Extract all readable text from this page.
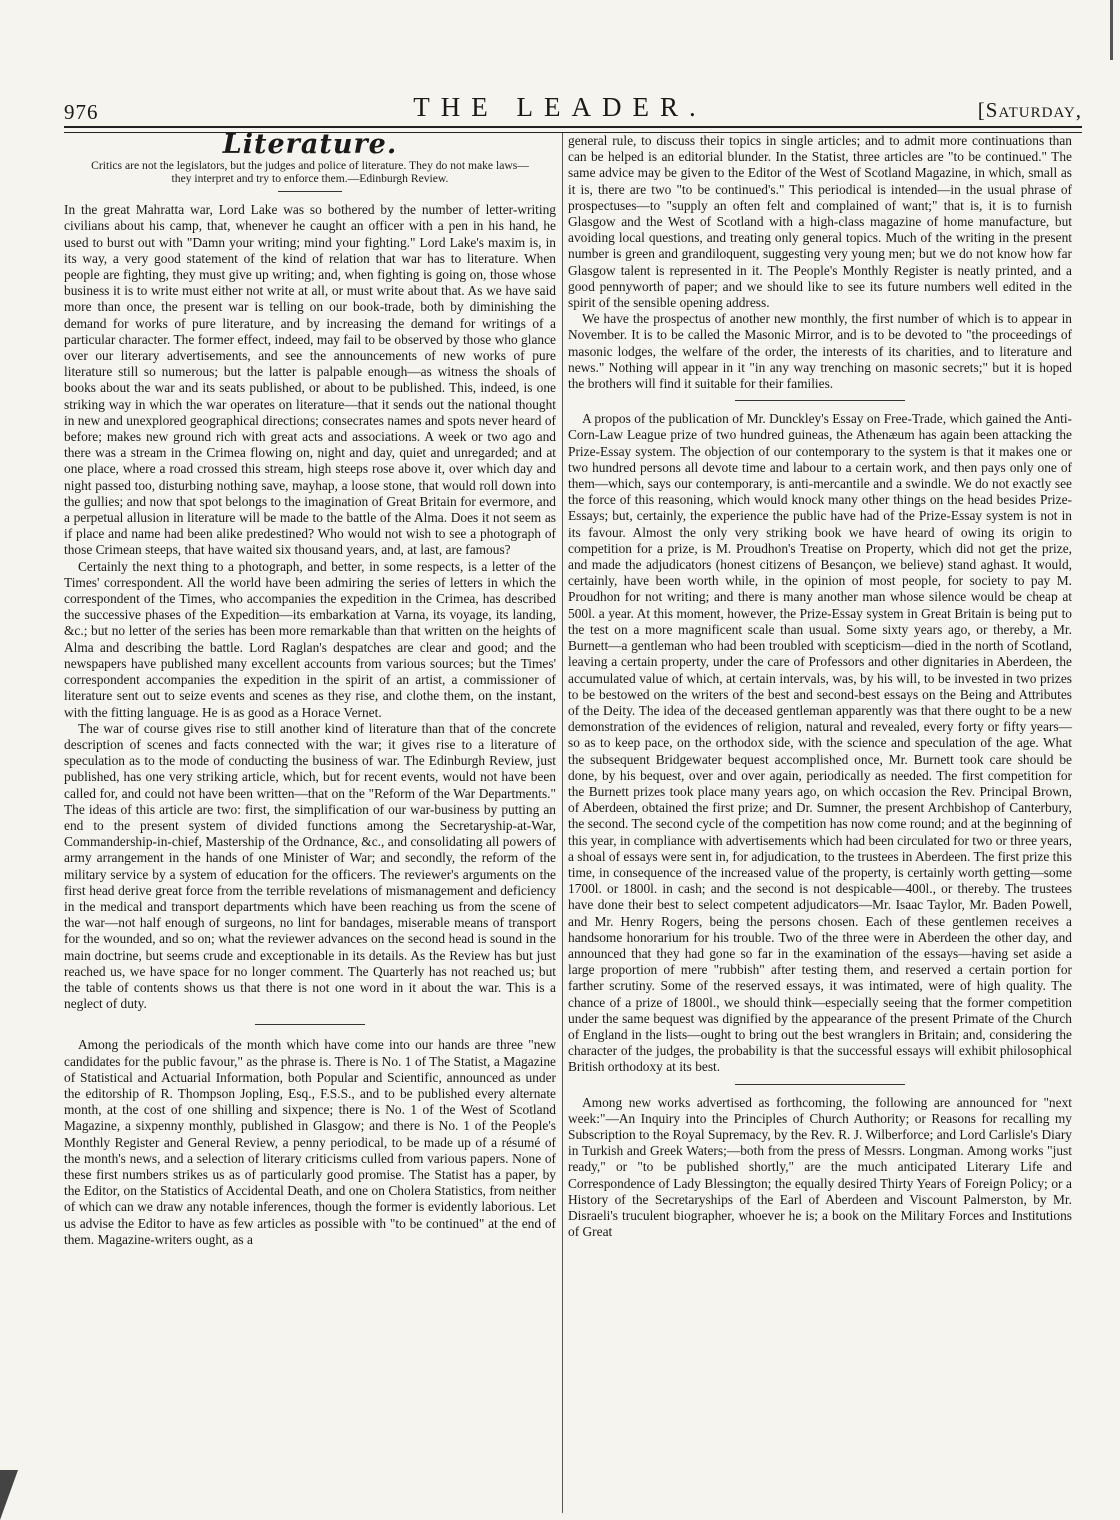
976	THE LEADER.	[Saturday,
Literature.
Critics are not the legislators, but the judges and police of literature. They do not make laws—they interpret and try to enforce them.—Edinburgh Review.

In the great Mahratta war, Lord Lake was so bothered by the number of letter-writing civilians about his camp, that, whenever he caught an officer with a pen in his hand, he used to burst out with "Damn your writing; mind your fighting." Lord Lake's maxim is, in its way, a very good statement of the kind of relation that war has to literature. When people are fighting, they must give up writing; and, when fighting is going on, those whose business it is to write must either not write at all, or must write about that. As we have said more than once, the present war is telling on our book-trade, both by diminishing the demand for works of pure literature, and by increasing the demand for writings of a particular character. The former effect, indeed, may fail to be observed by those who glance over our literary advertisements, and see the announcements of new works of pure literature still so numerous; but the latter is palpable enough—as witness the shoals of books about the war and its seats published, or about to be published. This, indeed, is one striking way in which the war operates on literature—that it sends out the national thought in new and unexplored geographical directions; consecrates names and spots never heard of before; makes new ground rich with great acts and associations. A week or two ago and there was a stream in the Crimea flowing on, night and day, quiet and unregarded; and at one place, where a road crossed this stream, high steeps rose above it, over which day and night passed too, disturbing nothing save, mayhap, a loose stone, that would roll down into the gullies; and now that spot belongs to the imagination of Great Britain for evermore, and a perpetual allusion in literature will be made to the battle of the Alma. Does it not seem as if place and name had been alike predestined? Who would not wish to see a photograph of those Crimean steeps, that have waited six thousand years, and, at last, are famous?

Certainly the next thing to a photograph, and better, in some respects, is a letter of the Times' correspondent. All the world have been admiring the series of letters in which the correspondent of the Times, who accompanies the expedition in the Crimea, has described the successive phases of the Expedition—its embarkation at Varna, its voyage, its landing, &c.; but no letter of the series has been more remarkable than that written on the heights of Alma and describing the battle. Lord Raglan's despatches are clear and good; and the newspapers have published many excellent accounts from various sources; but the Times' correspondent accompanies the expedition in the spirit of an artist, a commissioner of literature sent out to seize events and scenes as they rise, and clothe them, on the instant, with the fitting language. He is as good as a Horace Vernet.

The war of course gives rise to still another kind of literature than that of the concrete description of scenes and facts connected with the war; it gives rise to a literature of speculation as to the mode of conducting the business of war. The Edinburgh Review, just published, has one very striking article, which, but for recent events, would not have been called for, and could not have been written—that on the "Reform of the War Departments." The ideas of this article are two: first, the simplification of our war-business by putting an end to the present system of divided functions among the Secretaryship-at-War, Commandership-in-chief, Mastership of the Ordnance, &c., and consolidating all powers of army arrangement in the hands of one Minister of War; and secondly, the reform of the military service by a system of education for the officers. The reviewer's arguments on the first head derive great force from the terrible revelations of mismanagement and deficiency in the medical and transport departments which have been reaching us from the scene of the war—not half enough of surgeons, no lint for bandages, miserable means of transport for the wounded, and so on; what the reviewer advances on the second head is sound in the main doctrine, but seems crude and exceptionable in its details. As the Review has but just reached us, we have space for no longer comment. The Quarterly has not reached us; but the table of contents shows us that there is not one word in it about the war. This is a neglect of duty.

Among the periodicals of the month which have come into our hands are three "new candidates for the public favour," as the phrase is. There is No. 1 of The Statist, a Magazine of Statistical and Actuarial Information, both Popular and Scientific, announced as under the editorship of R. Thompson Jopling, Esq., F.S.S., and to be published every alternate month, at the cost of one shilling and sixpence; there is No. 1 of the West of Scotland Magazine, a sixpenny monthly, published in Glasgow; and there is No. 1 of the People's Monthly Register and General Review, a penny periodical, to be made up of a résumé of the month's news, and a selection of literary criticisms culled from various papers. None of these first numbers strikes us as of particularly good promise. The Statist has a paper, by the Editor, on the Statistics of Accidental Death, and one on Cholera Statistics, from neither of which can we draw any notable inferences, though the former is evidently laborious. Let us advise the Editor to have as few articles as possible with "to be continued" at the end of them. Magazine-writers ought, as a

general rule, to discuss their topics in single articles; and to admit more continuations than can be helped is an editorial blunder. In the Statist, three articles are "to be continued." The same advice may be given to the Editor of the West of Scotland Magazine, in which, small as it is, there are two "to be continued's." This periodical is intended—in the usual phrase of prospectuses—to "supply an often felt and complained of want;" that is, it is to furnish Glasgow and the West of Scotland with a high-class magazine of home manufacture, but avoiding local questions, and treating only general topics. Much of the writing in the present number is green and grandiloquent, suggesting very young men; but we do not know how far Glasgow talent is represented in it. The People's Monthly Register is neatly printed, and a good pennyworth of paper; and we should like to see its future numbers well edited in the spirit of the sensible opening address.

We have the prospectus of another new monthly, the first number of which is to appear in November. It is to be called the Masonic Mirror, and is to be devoted to "the proceedings of masonic lodges, the welfare of the order, the interests of its charities, and to literature and news." Nothing will appear in it "in any way trenching on masonic secrets;" but it is hoped the brothers will find it suitable for their families.

A propos of the publication of Mr. Dunckley's Essay on Free-Trade, which gained the Anti-Corn-Law League prize of two hundred guineas, the Athenæum has again been attacking the Prize-Essay system. The objection of our contemporary to the system is that it makes one or two hundred persons all devote time and labour to a certain work, and then pays only one of them—which, says our contemporary, is anti-mercantile and a swindle. We do not exactly see the force of this reasoning, which would knock many other things on the head besides Prize-Essays; but, certainly, the experience the public have had of the Prize-Essay system is not in its favour. Almost the only very striking book we have heard of owing its origin to competition for a prize, is M. Proudhon's Treatise on Property, which did not get the prize, and made the adjudicators (honest citizens of Besançon, we believe) stand aghast. It would, certainly, have been worth while, in the opinion of most people, for society to pay M. Proudhon for not writing; and there is many another man whose silence would be cheap at 500l. a year. At this moment, however, the Prize-Essay system in Great Britain is being put to the test on a more magnificent scale than usual. Some sixty years ago, or thereby, a Mr. Burnett—a gentleman who had been troubled with scepticism—died in the north of Scotland, leaving a certain property, under the care of Professors and other dignitaries in Aberdeen, the accumulated value of which, at certain intervals, was, by his will, to be invested in two prizes to be bestowed on the writers of the best and second-best essays on the Being and Attributes of the Deity. The idea of the deceased gentleman apparently was that there ought to be a new demonstration of the evidences of religion, natural and revealed, every forty or fifty years—so as to keep pace, on the orthodox side, with the science and speculation of the age. What the subsequent Bridgewater bequest accomplished once, Mr. Burnett took care should be done, by his bequest, over and over again, periodically as needed. The first competition for the Burnett prizes took place many years ago, on which occasion the Rev. Principal Brown, of Aberdeen, obtained the first prize; and Dr. Sumner, the present Archbishop of Canterbury, the second. The second cycle of the competition has now come round; and at the beginning of this year, in compliance with advertisements which had been circulated for two or three years, a shoal of essays were sent in, for adjudication, to the trustees in Aberdeen. The first prize this time, in consequence of the increased value of the property, is certainly worth getting—some 1700l. or 1800l. in cash; and the second is not despicable—400l., or thereby. The trustees have done their best to select competent adjudicators—Mr. Isaac Taylor, Mr. Baden Powell, and Mr. Henry Rogers, being the persons chosen. Each of these gentlemen receives a handsome honorarium for his trouble. Two of the three were in Aberdeen the other day, and announced that they had gone so far in the examination of the essays—having set aside a large proportion of mere "rubbish" after testing them, and reserved a certain portion for farther scrutiny. Some of the reserved essays, it was intimated, were of high quality. The chance of a prize of 1800l., we should think—especially seeing that the former competition under the same bequest was dignified by the appearance of the present Primate of the Church of England in the lists—ought to bring out the best wranglers in Britain; and, considering the character of the judges, the probability is that the successful essays will exhibit philosophical British orthodoxy at its best.

Among new works advertised as forthcoming, the following are announced for "next week:"—An Inquiry into the Principles of Church Authority; or Reasons for recalling my Subscription to the Royal Supremacy, by the Rev. R. J. Wilberforce; and Lord Carlisle's Diary in Turkish and Greek Waters;—both from the press of Messrs. Longman. Among works "just ready," or "to be published shortly," are the much anticipated Literary Life and Correspondence of Lady Blessington; the equally desired Thirty Years of Foreign Policy; or a History of the Secretaryships of the Earl of Aberdeen and Viscount Palmerston, by Mr. Disraeli's truculent biographer, whoever he is; a book on the Military Forces and Institutions of Great
